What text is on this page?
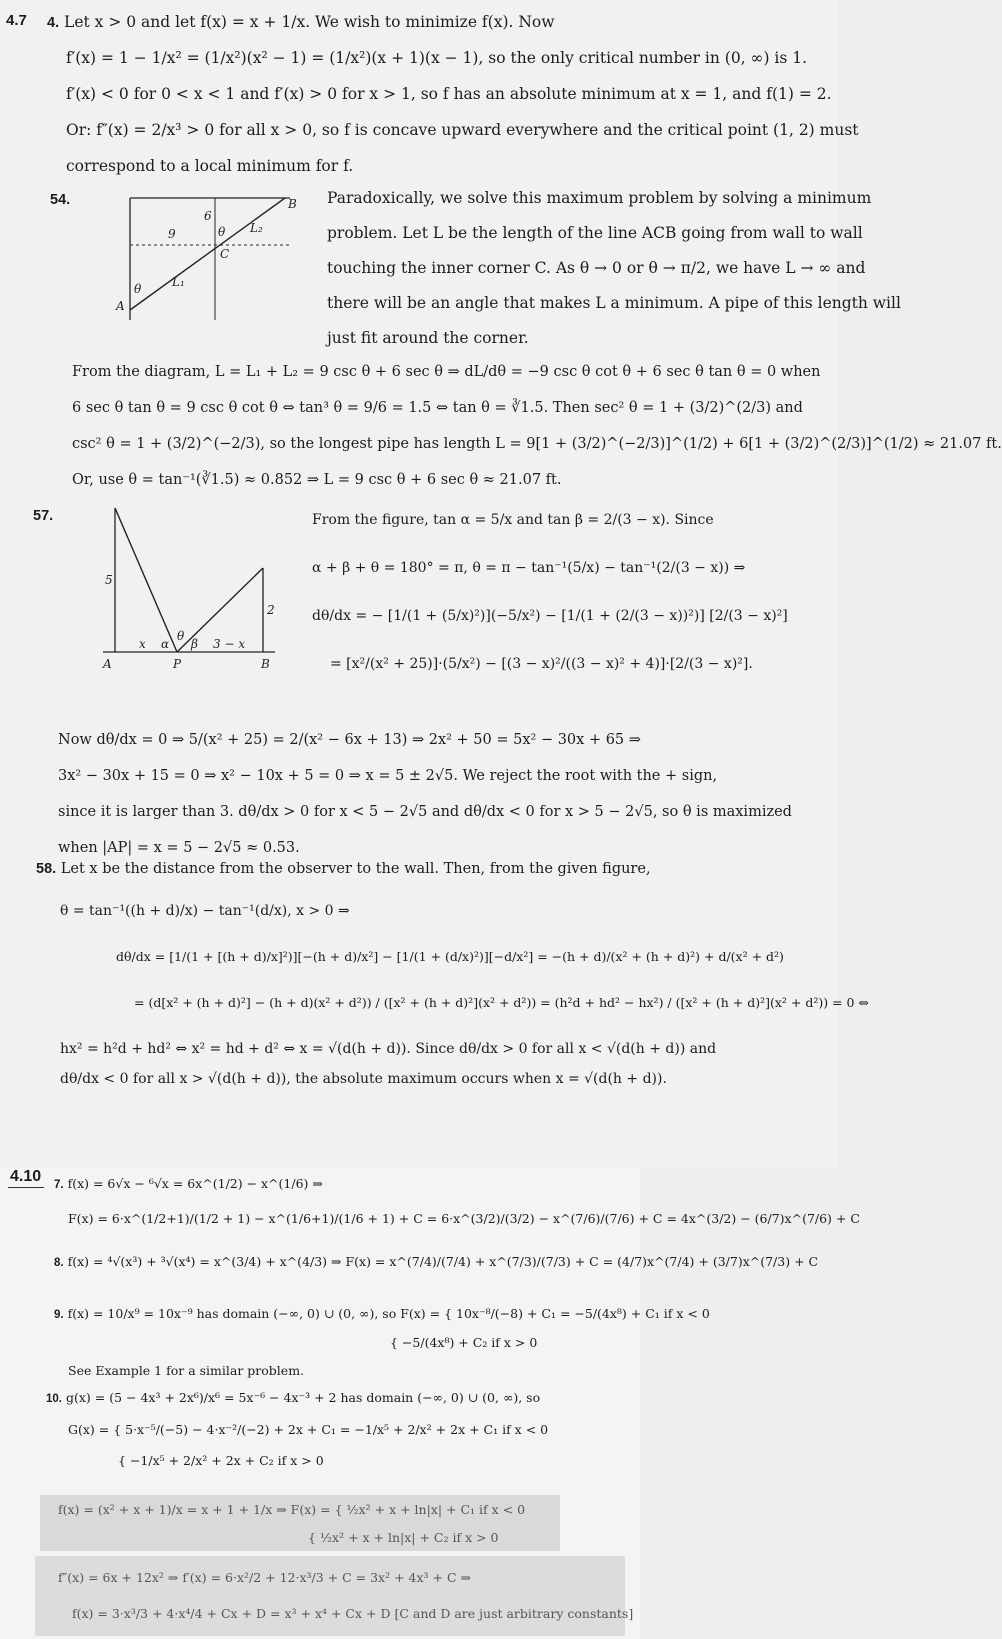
4.7 4. Let x > 0 and let f(x) = x + 1/x. We wish to minimize f(x). Now
f′(x) = 1 − 1/x² = (1/x²)(x² − 1) = (1/x²)(x + 1)(x − 1), so the only critical number in (0, ∞) is 1.
f′(x) < 0 for 0 < x < 1 and f′(x) > 0 for x > 1, so f has an absolute minimum at x = 1, and f(1) = 2.
Or: f″(x) = 2/x³ > 0 for all x > 0, so f is concave upward everywhere and the critical point (1, 2) must
correspond to a local minimum for f.
54.	B
6
9	θ L₂
C
L₁
θ
A
Paradoxically, we solve this maximum problem by solving a minimum
problem. Let L be the length of the line ACB going from wall to wall
touching the inner corner C. As θ → 0 or θ → π/2, we have L → ∞ and
there will be an angle that makes L a minimum. A pipe of this length will
just fit around the corner.
From the diagram, L = L₁ + L₂ = 9 csc θ + 6 sec θ ⇒ dL/dθ = −9 csc θ cot θ + 6 sec θ tan θ = 0 when
6 sec θ tan θ = 9 csc θ cot θ ⇔ tan³ θ = 9/6 = 1.5 ⇔ tan θ = ∛1.5. Then sec² θ = 1 + (3/2)^(2/3) and
csc² θ = 1 + (3/2)^(−2/3), so the longest pipe has length L = 9[1 + (3/2)^(−2/3)]^(1/2) + 6[1 + (3/2)^(2/3)]^(1/2) ≈ 21.07 ft.
Or, use θ = tan⁻¹(∛1.5) ≈ 0.852 ⇒ L = 9 csc θ + 6 sec θ ≈ 21.07 ft.
57.
5
2
x α
θ
β 3 − x
A	P	B
From the figure, tan α = 5/x and tan β = 2/(3 − x). Since
α + β + θ = 180° = π, θ = π − tan⁻¹(5/x) − tan⁻¹(2/(3 − x)) ⇒
dθ/dx = − [1/(1 + (5/x)²)](−5/x²) − [1/(1 + (2/(3 − x))²)] [2/(3 − x)²]
= [x²/(x² + 25)]·(5/x²) − [(3 − x)²/((3 − x)² + 4)]·[2/(3 − x)²].
Now dθ/dx = 0 ⇒ 5/(x² + 25) = 2/(x² − 6x + 13) ⇒ 2x² + 50 = 5x² − 30x + 65 ⇒
3x² − 30x + 15 = 0 ⇒ x² − 10x + 5 = 0 ⇒ x = 5 ± 2√5. We reject the root with the + sign,
since it is larger than 3. dθ/dx > 0 for x < 5 − 2√5 and dθ/dx < 0 for x > 5 − 2√5, so θ is maximized
when |AP| = x = 5 − 2√5 ≈ 0.53.
58. Let x be the distance from the observer to the wall. Then, from the given figure,
θ = tan⁻¹((h + d)/x) − tan⁻¹(d/x), x > 0 ⇒
dθ/dx = [1/(1 + [(h + d)/x]²)][−(h + d)/x²] − [1/(1 + (d/x)²)][−d/x²] = −(h + d)/(x² + (h + d)²) + d/(x² + d²)
= (d[x² + (h + d)²] − (h + d)(x² + d²)) / ([x² + (h + d)²](x² + d²)) = (h²d + hd² − hx²) / ([x² + (h + d)²](x² + d²)) = 0 ⇔
hx² = h²d + hd² ⇔ x² = hd + d² ⇔ x = √(d(h + d)). Since dθ/dx > 0 for all x < √(d(h + d)) and
dθ/dx < 0 for all x > √(d(h + d)), the absolute maximum occurs when x = √(d(h + d)).
4.10 7. f(x) = 6√x − ⁶√x = 6x^(1/2) − x^(1/6) ⇒
F(x) = 6·x^(1/2+1)/(1/2 + 1) − x^(1/6+1)/(1/6 + 1) + C = 6·x^(3/2)/(3/2) − x^(7/6)/(7/6) + C = 4x^(3/2) − (6/7)x^(7/6) + C
8. f(x) = ⁴√(x³) + ³√(x⁴) = x^(3/4) + x^(4/3) ⇒ F(x) = x^(7/4)/(7/4) + x^(7/3)/(7/3) + C = (4/7)x^(7/4) + (3/7)x^(7/3) + C
9. f(x) = 10/x⁹ = 10x⁻⁹ has domain (−∞, 0) ∪ (0, ∞), so F(x) = { 10x⁻⁸/(−8) + C₁ = −5/(4x⁸) + C₁ if x < 0
{ −5/(4x⁸) + C₂ if x > 0
See Example 1 for a similar problem.
10. g(x) = (5 − 4x³ + 2x⁶)/x⁶ = 5x⁻⁶ − 4x⁻³ + 2 has domain (−∞, 0) ∪ (0, ∞), so
G(x) = { 5·x⁻⁵/(−5) − 4·x⁻²/(−2) + 2x + C₁ = −1/x⁵ + 2/x² + 2x + C₁ if x < 0
{ −1/x⁵ + 2/x² + 2x + C₂ if x > 0
f(x) = (x² + x + 1)/x = x + 1 + 1/x ⇒ F(x) = { ½x² + x + ln|x| + C₁ if x < 0
{ ½x² + x + ln|x| + C₂ if x > 0
f″(x) = 6x + 12x² ⇒ f′(x) = 6·x²/2 + 12·x³/3 + C = 3x² + 4x³ + C ⇒
f(x) = 3·x³/3 + 4·x⁴/4 + Cx + D = x³ + x⁴ + Cx + D [C and D are just arbitrary constants]
